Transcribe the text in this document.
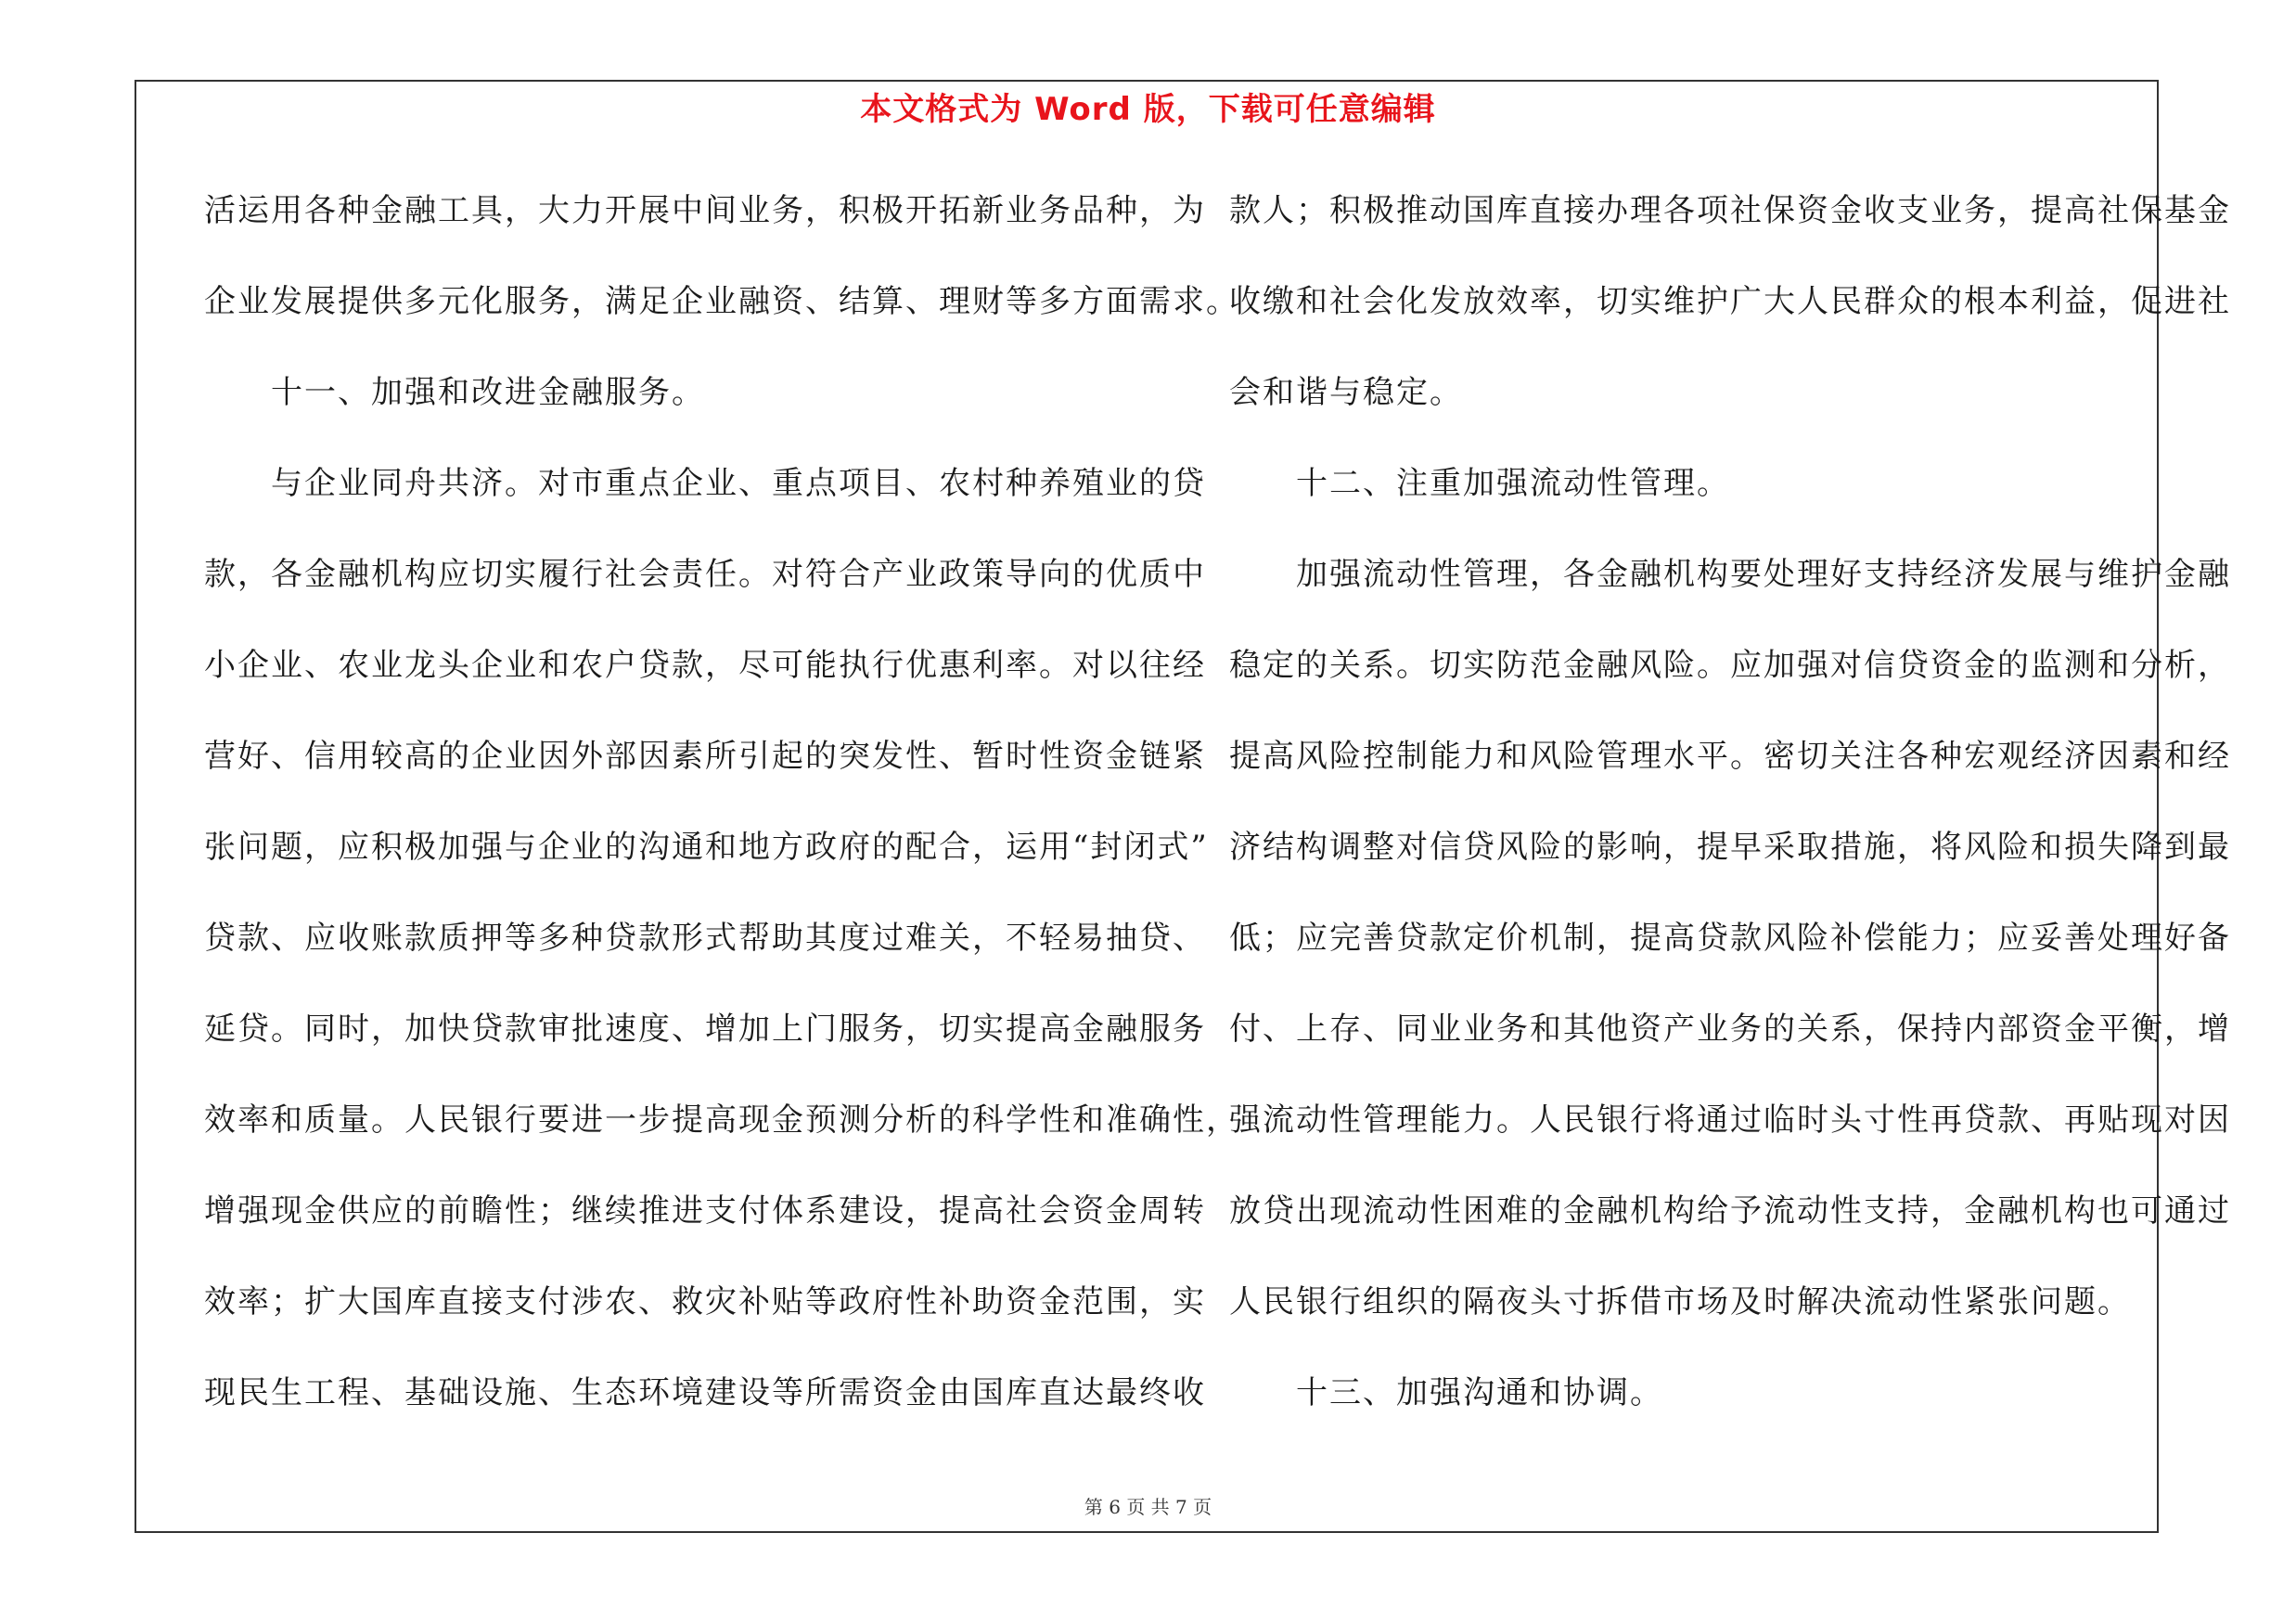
本文格式为 Word 版，下载可任意编辑
活运用各种金融工具，大力开展中间业务，积极开拓新业务品种，为
企业发展提供多元化服务，满足企业融资、结算、理财等多方面需求。
　　十一、加强和改进金融服务。
　　与企业同舟共济。对市重点企业、重点项目、农村种养殖业的贷
款，各金融机构应切实履行社会责任。对符合产业政策导向的优质中
小企业、农业龙头企业和农户贷款，尽可能执行优惠利率。对以往经
营好、信用较高的企业因外部因素所引起的突发性、暂时性资金链紧
张问题，应积极加强与企业的沟通和地方政府的配合，运用“封闭式”
贷款、应收账款质押等多种贷款形式帮助其度过难关，不轻易抽贷、
延贷。同时，加快贷款审批速度、增加上门服务，切实提高金融服务
效率和质量。人民银行要进一步提高现金预测分析的科学性和准确性，
增强现金供应的前瞻性；继续推进支付体系建设，提高社会资金周转
效率；扩大国库直接支付涉农、救灾补贴等政府性补助资金范围，实
现民生工程、基础设施、生态环境建设等所需资金由国库直达最终收
款人；积极推动国库直接办理各项社保资金收支业务，提高社保基金
收缴和社会化发放效率，切实维护广大人民群众的根本利益，促进社
会和谐与稳定。
　　十二、注重加强流动性管理。
　　加强流动性管理，各金融机构要处理好支持经济发展与维护金融
稳定的关系。切实防范金融风险。应加强对信贷资金的监测和分析，
提高风险控制能力和风险管理水平。密切关注各种宏观经济因素和经
济结构调整对信贷风险的影响，提早采取措施，将风险和损失降到最
低；应完善贷款定价机制，提高贷款风险补偿能力；应妥善处理好备
付、上存、同业业务和其他资产业务的关系，保持内部资金平衡，增
强流动性管理能力。人民银行将通过临时头寸性再贷款、再贴现对因
放贷出现流动性困难的金融机构给予流动性支持，金融机构也可通过
人民银行组织的隔夜头寸拆借市场及时解决流动性紧张问题。
　　十三、加强沟通和协调。
第 6 页 共 7 页
